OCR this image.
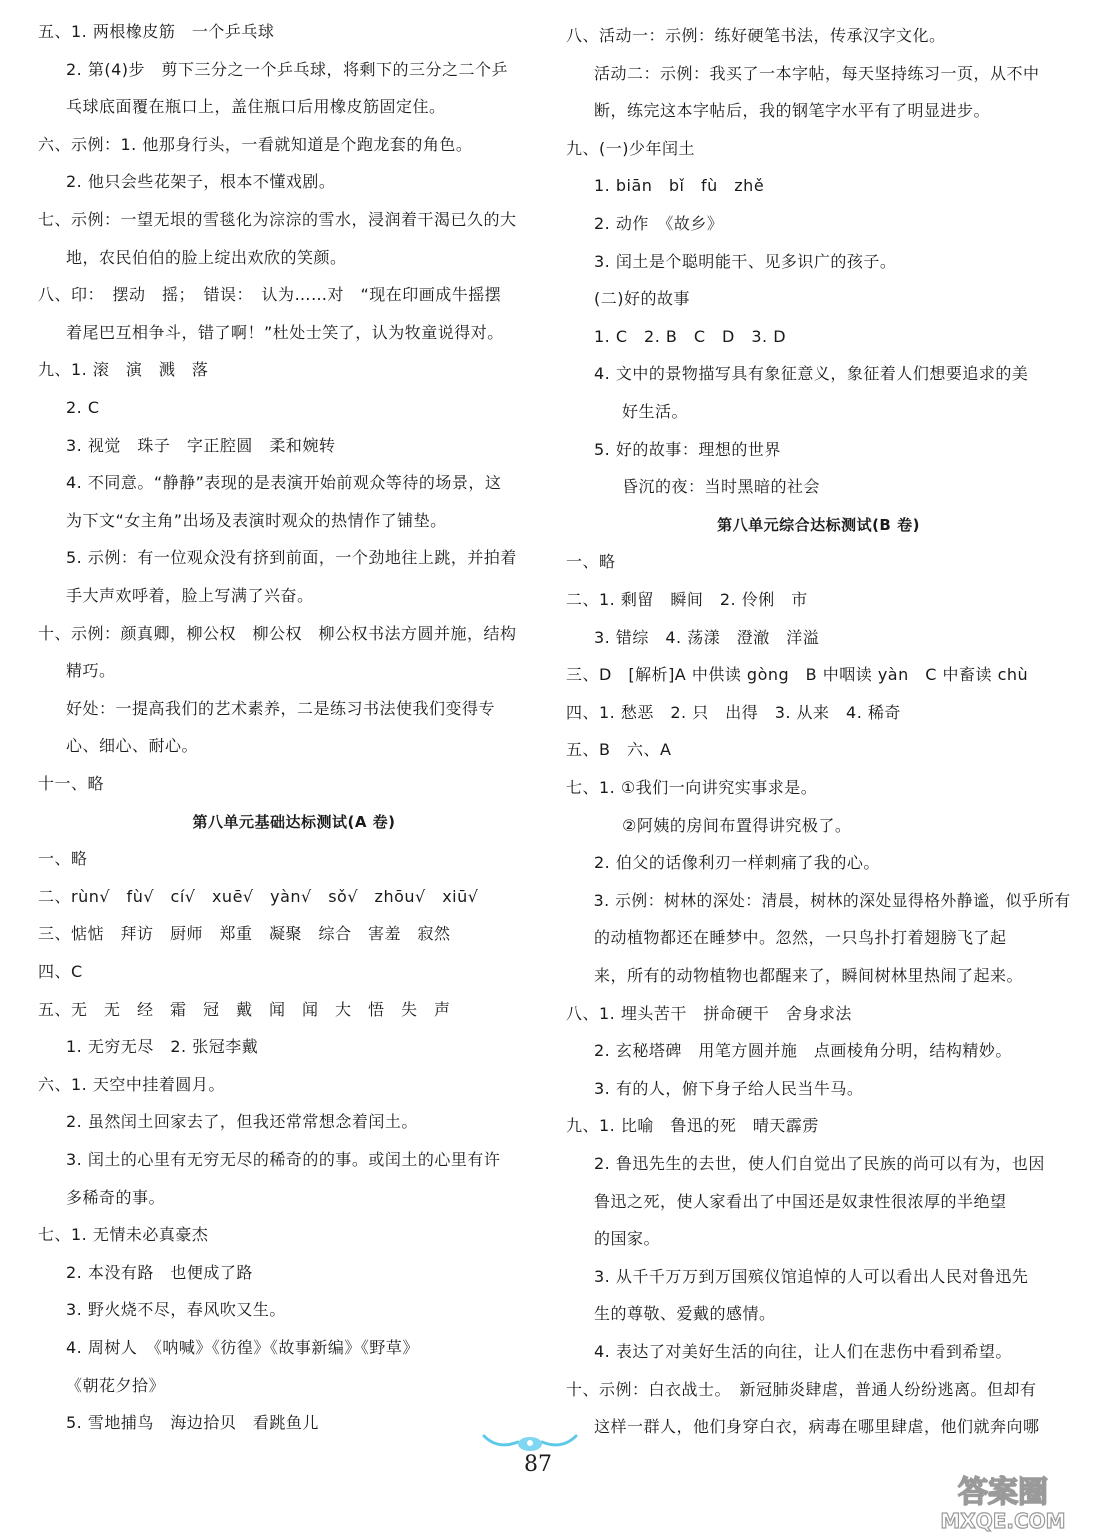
五、1. 两根橡皮筋　一个乒乓球
2. 第(4)步　剪下三分之一个乒乓球，将剩下的三分之二个乒
乓球底面覆在瓶口上，盖住瓶口后用橡皮筋固定住。
六、示例：1. 他那身行头，一看就知道是个跑龙套的角色。
2. 他只会些花架子，根本不懂戏剧。
七、示例：一望无垠的雪毯化为淙淙的雪水，浸润着干渴已久的大
地，农民伯伯的脸上绽出欢欣的笑颜。
八、印：　摆动　摇；　错误：　认为……对　“现在印画成牛摇摆
着尾巴互相争斗，错了啊！”杜处士笑了，认为牧童说得对。
九、1. 滚　演　溅　落
2. C
3. 视觉　珠子　字正腔圆　柔和婉转
4. 不同意。“静静”表现的是表演开始前观众等待的场景，这
为下文“女主角”出场及表演时观众的热情作了铺垫。
5. 示例：有一位观众没有挤到前面，一个劲地往上跳，并拍着
手大声欢呼着，脸上写满了兴奋。
十、示例：颜真卿，柳公权　柳公权　柳公权书法方圆并施，结构
精巧。
好处：一提高我们的艺术素养，二是练习书法使我们变得专
心、细心、耐心。
十一、略
第八单元基础达标测试(A 卷)
一、略
二、rùn√　fù√　cí√　xuē√　yàn√　sǒ√　zhōu√　xiū√
三、惦惦　拜访　厨师　郑重　凝聚　综合　害羞　寂然
四、C
五、无　无　经　霜　冠　戴　闻　闻　大　悟　失　声
1. 无穷无尽　2. 张冠李戴
六、1. 天空中挂着圆月。
2. 虽然闰土回家去了，但我还常常想念着闰土。
3. 闰土的心里有无穷无尽的稀奇的的事。或闰土的心里有许
多稀奇的事。
七、1. 无情未必真豪杰
2. 本没有路　也便成了路
3. 野火烧不尽，春风吹又生。
4. 周树人　《呐喊》《彷徨》《故事新编》《野草》
《朝花夕拾》
5. 雪地捕鸟　海边拾贝　看跳鱼儿
八、活动一：示例：练好硬笔书法，传承汉字文化。
活动二：示例：我买了一本字帖，每天坚持练习一页，从不中
断，练完这本字帖后，我的钢笔字水平有了明显进步。
九、(一)少年闰土
1. biān　bǐ　fù　zhě
2. 动作　《故乡》
3. 闰土是个聪明能干、见多识广的孩子。
(二)好的故事
1. C　2. B　C　D　3. D
4. 文中的景物描写具有象征意义，象征着人们想要追求的美
好生活。
5. 好的故事：理想的世界
昏沉的夜：当时黑暗的社会
第八单元综合达标测试(B 卷)
一、略
二、1. 剩留　瞬间　2. 伶俐　市
3. 错综　4. 荡漾　澄澈　洋溢
三、D　[解析]A 中供读 gòng　B 中咽读 yàn　C 中畜读 chù
四、1. 愁恶　2. 只　出得　3. 从来　4. 稀奇
五、B　六、A
七、1. ①我们一向讲究实事求是。
②阿姨的房间布置得讲究极了。
2. 伯父的话像利刃一样刺痛了我的心。
3. 示例：树林的深处：清晨，树林的深处显得格外静谧，似乎所有
的动植物都还在睡梦中。忽然，一只鸟扑打着翅膀飞了起
来，所有的动物植物也都醒来了，瞬间树林里热闹了起来。
八、1. 埋头苦干　拼命硬干　舍身求法
2. 玄秘塔碑　用笔方圆并施　点画棱角分明，结构精妙。
3. 有的人，俯下身子给人民当牛马。
九、1. 比喻　鲁迅的死　晴天霹雳
2. 鲁迅先生的去世，使人们自觉出了民族的尚可以有为，也因
鲁迅之死，使人家看出了中国还是奴隶性很浓厚的半绝望
的国家。
3. 从千千万万到万国殡仪馆追悼的人可以看出人民对鲁迅先
生的尊敬、爱戴的感情。
4. 表达了对美好生活的向往，让人们在悲伤中看到希望。
十、示例：白衣战士。　新冠肺炎肆虐，普通人纷纷逃离。但却有
这样一群人，他们身穿白衣，病毒在哪里肆虐，他们就奔向哪
87
答案圈
MXQE.COM
